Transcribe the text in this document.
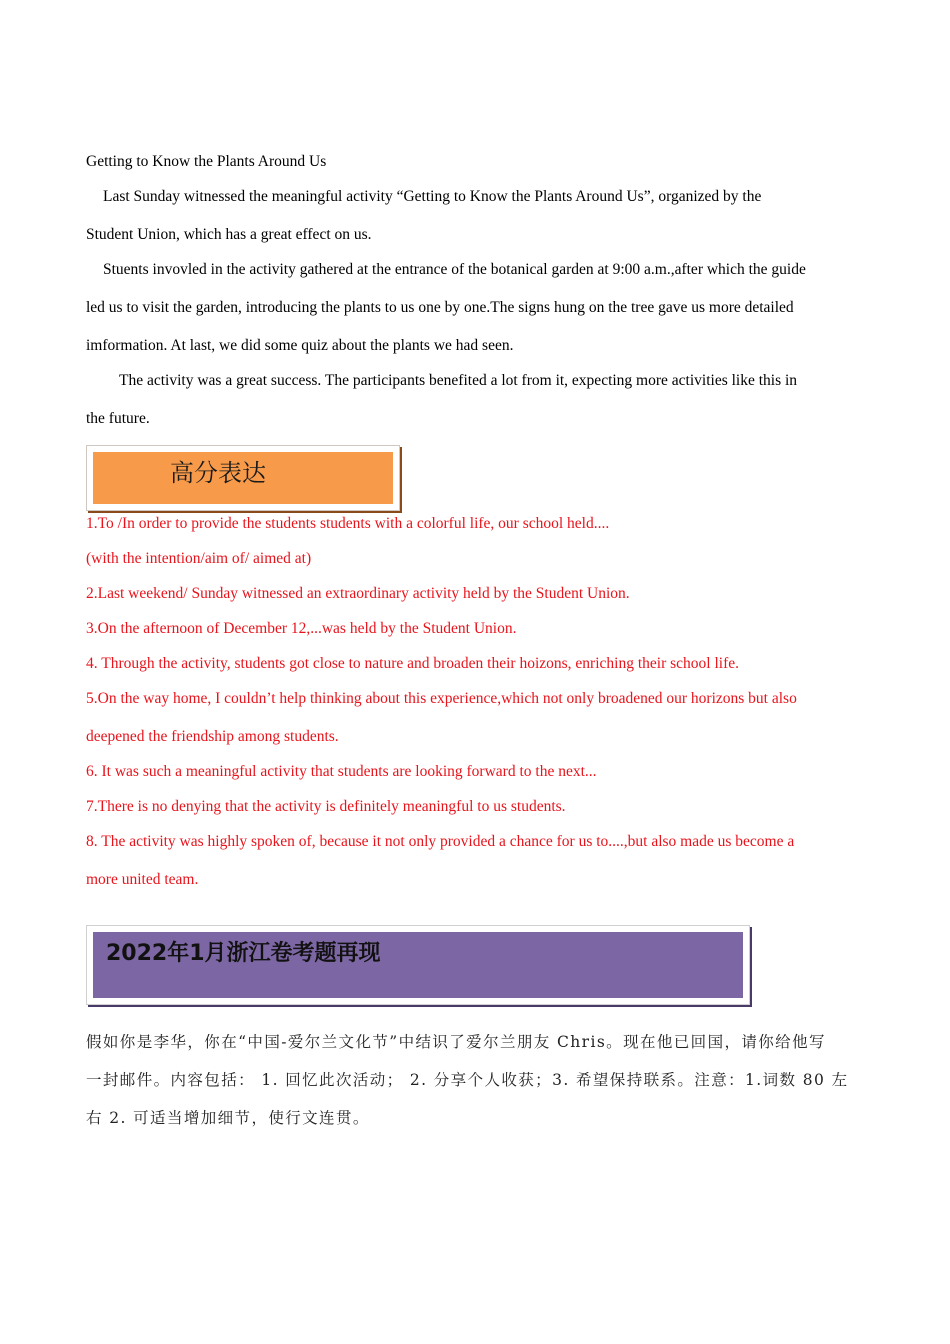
Getting to Know the Plants Around Us
Last Sunday witnessed the meaningful activity “Getting to Know the Plants Around Us”, organized by the
Student Union, which has a great effect on us.
Stuents invovled in the activity gathered at the entrance of the botanical garden at 9:00 a.m.,after which the guide
led us to visit the garden, introducing the plants to us one by one.The signs hung on the tree gave us more detailed
imformation. At last, we did some quiz about the plants we had seen.
The activity was a great success. The participants benefited a lot from it, expecting more activities like this in
the future.
高分表达
1.To /In order to provide the students students with a colorful life, our school held....
(with the intention/aim of/ aimed at)
2.Last weekend/ Sunday witnessed an extraordinary activity held by the Student Union.
3.On the afternoon of December 12,...was held by the Student Union.
4. Through the activity, students got close to nature and broaden their hoizons, enriching their school life.
5.On the way home, I couldn’t help thinking about this experience,which not only broadened our horizons but also
deepened the friendship among students.
6. It was such a meaningful activity that students are looking forward to the next...
7.There is no denying that the activity is definitely meaningful to us students.
8. The activity was highly spoken of, because it not only provided a chance for us to....,but also made us become a
more united team.
2022年1月浙江卷考题再现
假如你是李华，你在“中国-爱尔兰文化节”中结识了爱尔兰朋友 Chris。现在他已回国，请你给他写
一封邮件。内容包括： 1. 回忆此次活动； 2. 分享个人收获；3. 希望保持联系。注意：1.词数 80 左
右 2. 可适当增加细节，使行文连贯。
